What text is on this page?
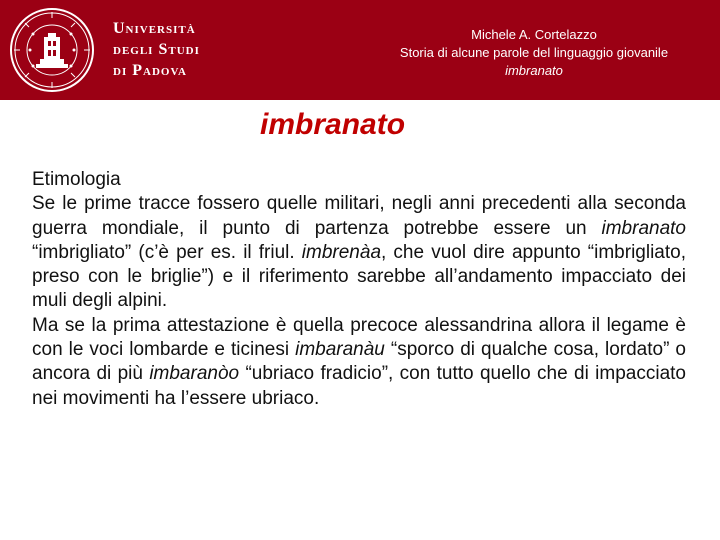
Università
degli Studi
di Padova
Michele A. Cortelazzo
Storia di alcune parole del linguaggio giovanile
imbranato
imbranato

Etimologia

Se le prime tracce fossero quelle militari, negli anni precedenti alla seconda guerra mondiale, il punto di partenza potrebbe essere un imbranato “imbrigliato” (c’è per es. il friul. imbrenàa, che vuol dire appunto “imbrigliato, preso con le briglie”) e il riferimento sarebbe all’andamento impacciato dei muli degli alpini.

Ma se la prima attestazione è quella precoce alessandrina allora il legame è con le voci lombarde e ticinesi imbaranàu “sporco di qualche cosa, lordato” o ancora di più imbaranòo “ubriaco fradicio”, con tutto quello che di impacciato nei movimenti ha l’essere ubriaco.
